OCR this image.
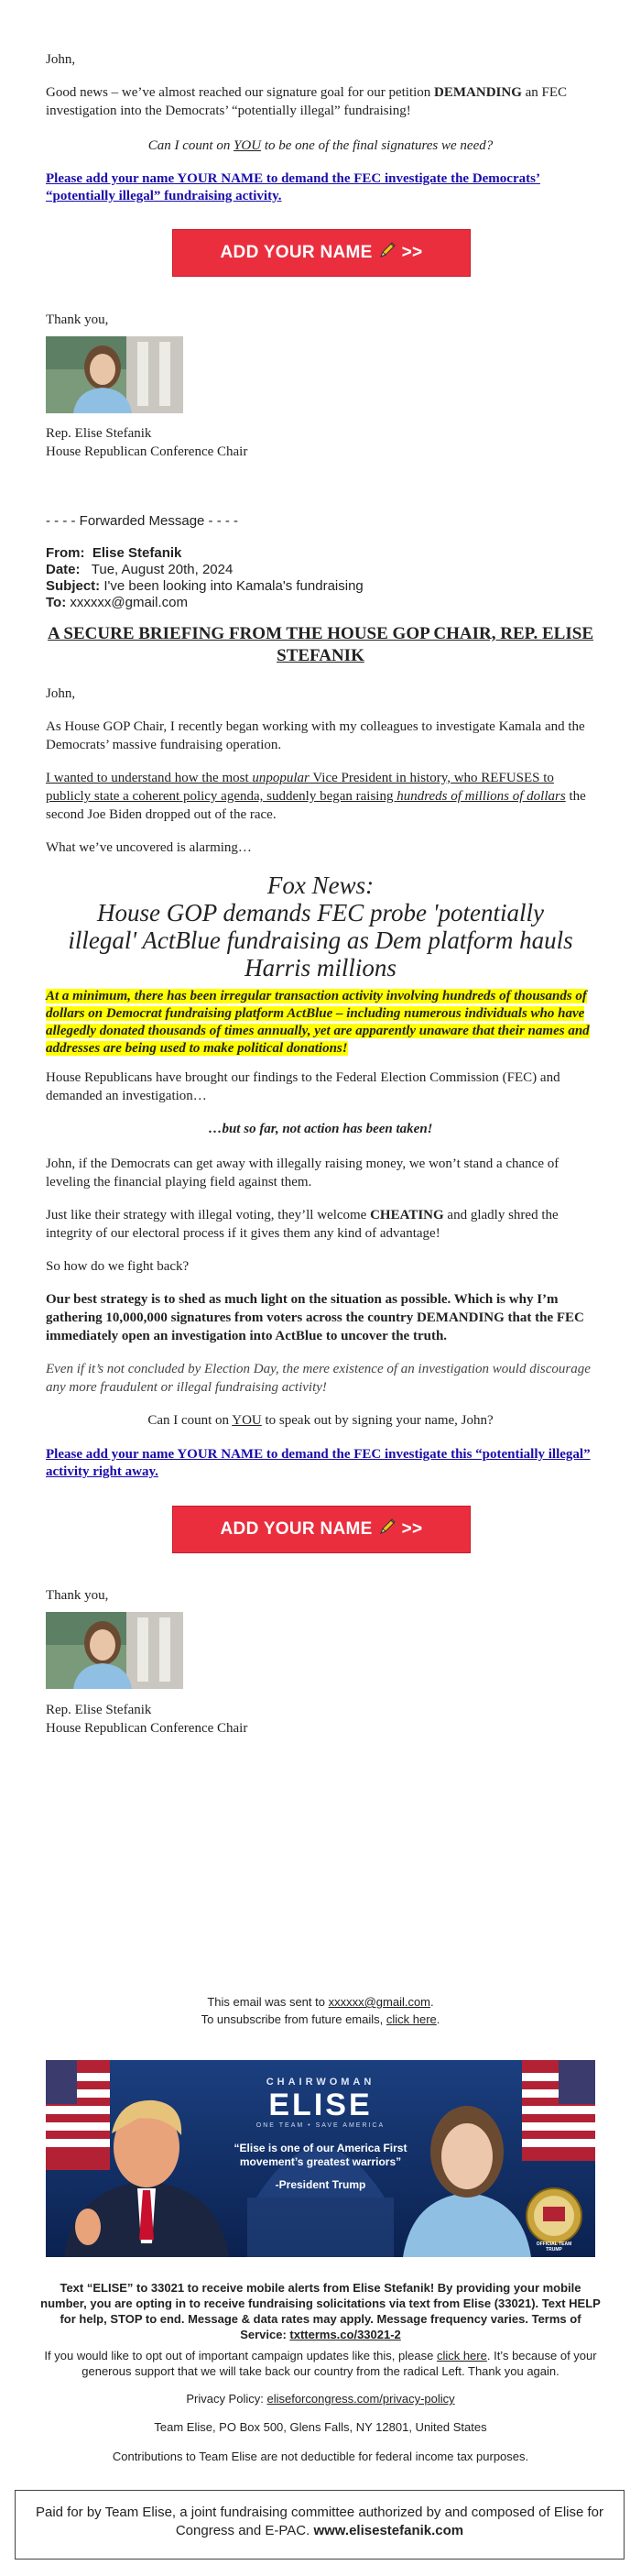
John,
Good news – we’ve almost reached our signature goal for our petition DEMANDING an FEC investigation into the Democrats’ “potentially illegal” fundraising!
Can I count on YOU to be one of the final signatures we need?
Please add your name YOUR NAME to demand the FEC investigate the Democrats’ “potentially illegal” fundraising activity.
ADD YOUR NAME >>
Thank you,
Rep. Elise Stefanik
House Republican Conference Chair
- - - - Forwarded Message - - - -
From: Elise Stefanik
Date: Tue, August 20th, 2024
Subject: I've been looking into Kamala's fundraising
To: xxxxxx@gmail.com
A SECURE BRIEFING FROM THE HOUSE GOP CHAIR, REP. ELISE STEFANIK
John,
As House GOP Chair, I recently began working with my colleagues to investigate Kamala and the Democrats’ massive fundraising operation.
I wanted to understand how the most unpopular Vice President in history, who REFUSES to publicly state a coherent policy agenda, suddenly began raising hundreds of millions of dollars the second Joe Biden dropped out of the race.
What we’ve uncovered is alarming…
Fox News:
House GOP demands FEC probe 'potentially illegal' ActBlue fundraising as Dem platform hauls Harris millions
At a minimum, there has been irregular transaction activity involving hundreds of thousands of dollars on Democrat fundraising platform ActBlue – including numerous individuals who have allegedly donated thousands of times annually, yet are apparently unaware that their names and addresses are being used to make political donations!
House Republicans have brought our findings to the Federal Election Commission (FEC) and demanded an investigation…
…but so far, not action has been taken!
John, if the Democrats can get away with illegally raising money, we won’t stand a chance of leveling the financial playing field against them.
Just like their strategy with illegal voting, they’ll welcome CHEATING and gladly shred the integrity of our electoral process if it gives them any kind of advantage!
So how do we fight back?
Our best strategy is to shed as much light on the situation as possible. Which is why I’m gathering 10,000,000 signatures from voters across the country DEMANDING that the FEC immediately open an investigation into ActBlue to uncover the truth.
Even if it’s not concluded by Election Day, the mere existence of an investigation would discourage any more fraudulent or illegal fundraising activity!
Can I count on YOU to speak out by signing your name, John?
Please add your name YOUR NAME to demand the FEC investigate this “potentially illegal” activity right away.
ADD YOUR NAME >>
Thank you,
Rep. Elise Stefanik
House Republican Conference Chair
This email was sent to xxxxxx@gmail.com.
To unsubscribe from future emails, click here.
CHAIRWOMAN
ELISE
ONE TEAM • SAVE AMERICA
“Elise is one of our America First movement’s greatest warriors”
-President Trump
OFFICIAL TEAM TRUMP
Text “ELISE” to 33021 to receive mobile alerts from Elise Stefanik! By providing your mobile number, you are opting in to receive fundraising solicitations via text from Elise (33021). Text HELP for help, STOP to end. Message & data rates may apply. Message frequency varies. Terms of Service: txtterms.co/33021-2
If you would like to opt out of important campaign updates like this, please click here. It’s because of your generous support that we will take back our country from the radical Left. Thank you again.
Privacy Policy: eliseforcongress.com/privacy-policy
Team Elise, PO Box 500, Glens Falls, NY 12801, United States
Contributions to Team Elise are not deductible for federal income tax purposes.
Paid for by Team Elise, a joint fundraising committee authorized by and composed of Elise for Congress and E-PAC. www.elisestefanik.com
